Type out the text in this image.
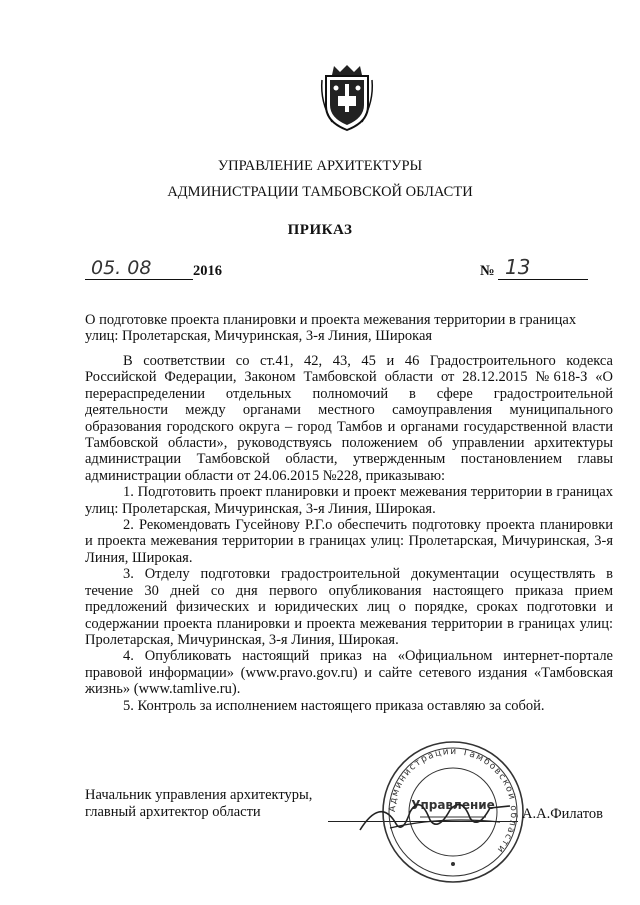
УПРАВЛЕНИЕ АРХИТЕКТУРЫ
АДМИНИСТРАЦИИ ТАМБОВСКОЙ ОБЛАСТИ
ПРИКАЗ
2016
05. 08	№ 13
О подготовке проекта планировки и проекта межевания территории в границах улиц: Пролетарская, Мичуринская, 3-я Линия, Широкая

В соответствии со ст.41, 42, 43, 45 и 46 Градостроительного кодекса Российской Федерации, Законом Тамбовской области от 28.12.2015 №618-З «О перераспределении отдельных полномочий в сфере градостроительной деятельности между органами местного самоуправления муниципального образования городского округа – город Тамбов и органами государственной власти Тамбовской области», руководствуясь положением об управлении архитектуры администрации Тамбовской области, утвержденным постановлением главы администрации области от 24.06.2015 №228, приказываю:

1. Подготовить проект планировки и проект межевания территории в границах улиц: Пролетарская, Мичуринская, 3-я Линия, Широкая.

2. Рекомендовать Гусейнову Р.Г.о обеспечить подготовку проекта планировки и проекта межевания территории в границах улиц: Пролетарская, Мичуринская, 3-я Линия, Широкая.

3. Отделу подготовки градостроительной документации осуществлять в течение 30 дней со дня первого опубликования настоящего приказа прием предложений физических и юридических лиц о порядке, сроках подготовки и содержании проекта планировки и проекта межевания территории в границах улиц: Пролетарская, Мичуринская, 3-я Линия, Широкая.

4. Опубликовать настоящий приказ на «Официальном интернет-портале правовой информации» (www.pravo.gov.ru) и сайте сетевого издания «Тамбовская жизнь» (www.tamlive.ru).

5. Контроль за исполнением настоящего приказа оставляю за собой.

Начальник управления архитектуры,
главный архитектор области	Администрации Тамбовской области
Управление
А.А.Филатов
